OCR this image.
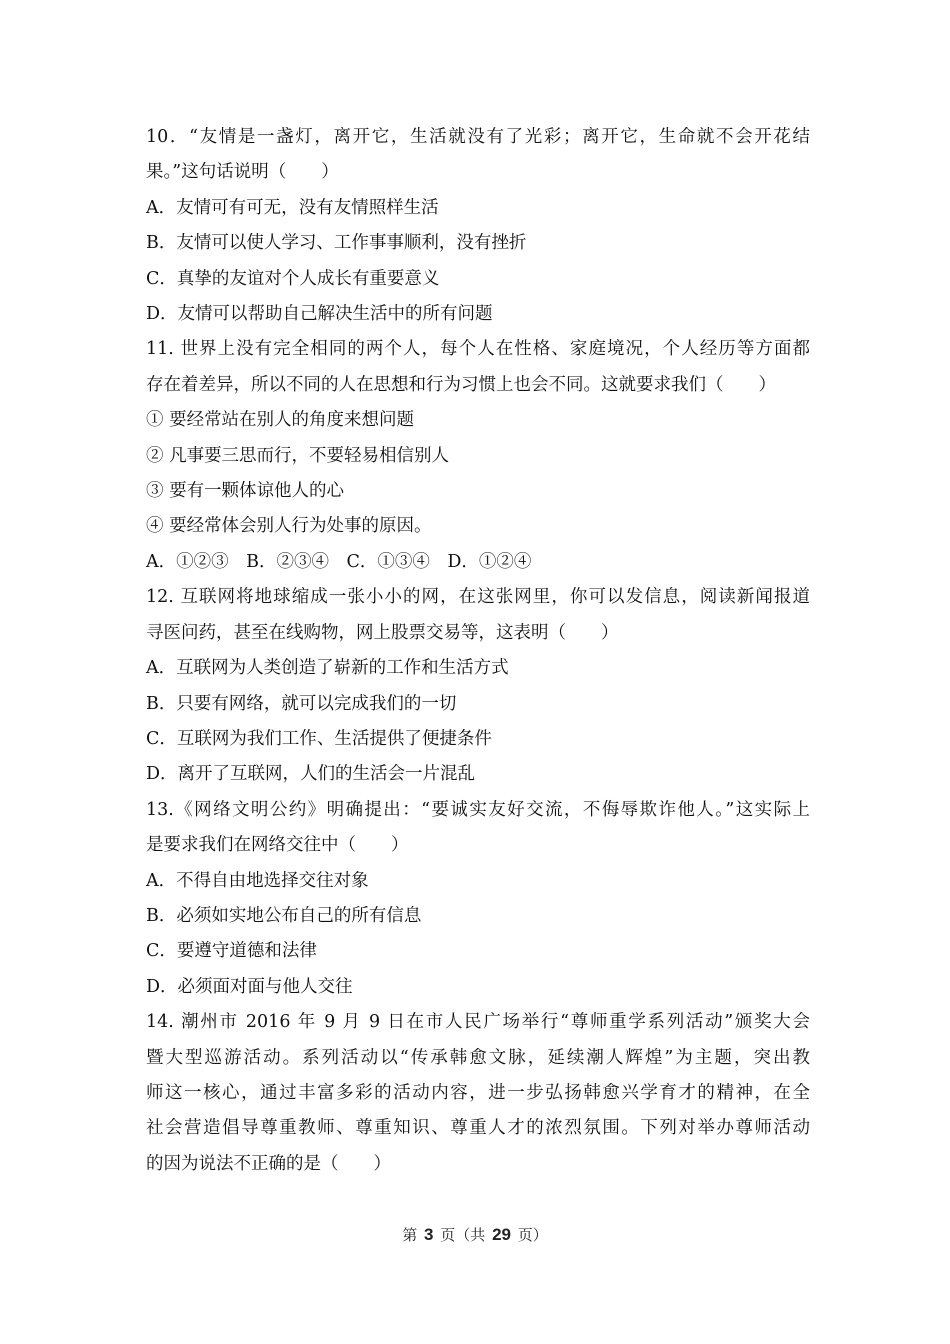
10．“友情是一盏灯，离开它，生活就没有了光彩；离开它，生命就不会开花结

果。”这句话说明（　　）

A．友情可有可无，没有友情照样生活

B．友情可以使人学习、工作事事顺利，没有挫折

C．真挚的友谊对个人成长有重要意义

D．友情可以帮助自己解决生活中的所有问题

11. 世界上没有完全相同的两个人，每个人在性格、家庭境况，个人经历等方面都

存在着差异，所以不同的人在思想和行为习惯上也会不同。这就要求我们（　　）

① 要经常站在别人的角度来想问题

② 凡事要三思而行，不要轻易相信别人

③ 要有一颗体谅他人的心

④ 要经常体会别人行为处事的原因。

A．①②③　B．②③④　C．①③④　D．①②④

12. 互联网将地球缩成一张小小的网，在这张网里，你可以发信息，阅读新闻报道

寻医问药，甚至在线购物，网上股票交易等，这表明（　　）

A．互联网为人类创造了崭新的工作和生活方式

B．只要有网络，就可以完成我们的一切

C．互联网为我们工作、生活提供了便捷条件

D．离开了互联网，人们的生活会一片混乱

13.《网络文明公约》明确提出：“要诚实友好交流，不侮辱欺诈他人。”这实际上

是要求我们在网络交往中（　　）

A．不得自由地选择交往对象

B．必须如实地公布自己的所有信息

C．要遵守道德和法律

D．必须面对面与他人交往

14. 潮州市 2016 年 9 月 9 日在市人民广场举行“尊师重学系列活动”颁奖大会

暨大型巡游活动。系列活动以“传承韩愈文脉，延续潮人辉煌”为主题，突出教

师这一核心，通过丰富多彩的活动内容，进一步弘扬韩愈兴学育才的精神，在全

社会营造倡导尊重教师、尊重知识、尊重人才的浓烈氛围。下列对举办尊师活动

的因为说法不正确的是（　　）

第 3 页（共 29 页）
